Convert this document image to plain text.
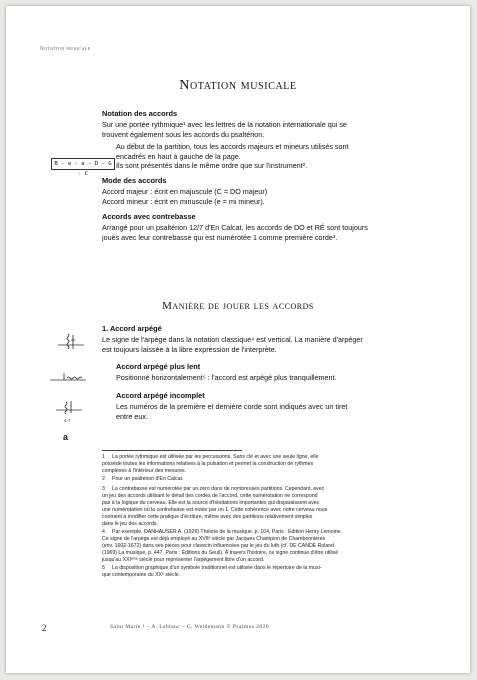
Notation musicale
Notation musicale
Notation des accords
Sur une portée rythmique¹ avec les lettres de la notation internationale qui se
trouvent également sous les accords du psaltérion.
B - e - a - D - G - C
Au début de la partition, tous les accords majeurs et mineurs utilisés sont
encadrés en haut à gauche de la page.
Ils sont présentés dans le même ordre que sur l'instrument².
Mode des accords
Accord majeur : écrit en majuscule (C = DO majeur)
Accord mineur : écrit en minuscule (e = mi mineur).
Accords avec contrebasse
Arrangé pour un psaltérion 12/7 d'En Calcat, les accords de DO et RÉ sont toujours
joués avec leur contrebasse qui est numérotée 1 comme première corde³.
Manière de jouer les accords
1. Accord arpégé
Le signe de l'arpège dans la notation classique⁴ est vertical. La manière d'arpéger
est toujours laissée à la libre expression de l'interprète.
Accord arpégé plus lent
Positionné horizontalement⁵ : l'accord est arpégé plus tranquillement.
Accord arpégé incomplet
4-7
a
Les numéros de la première et dernière corde sont indiqués avec un tiret
entre eux.
1 La portée rythmique est utilisée par les percussions. Sans clé et avec une seule ligne, elle
possède toutes les informations relatives à la pulsation et permet la construction de rythmes
complexes à l'intérieur des mesures.
2 Pour un psaltérion d'En Calcat.
3 La contrebasse est numérotée par un zéro dans de nombreuses partitions. Cependant, avec
un jeu des accords utilisant le détail des cordes de l'accord, cette numérotation ne correspond
pas à la logique du cerveau. Elle est la source d'hésitations importantes qui disparaissent avec
une numérotation où la contrebasse est notée par un 1. Cette cohérence avec notre cerveau nous
contraint à modifier cette pratique d'écriture, même avec des partitions relativement simples
dans le jeu des accords.
4 Par exemple, DANHAUSER A. (1929) Théorie de la musique, p. 104, Paris : Édition Henry Lemoine.
Ce signe de l'arpège est déjà employé au XVIIᵉ siècle par Jacques Champion de Chambonnières
(env. 1602-1672) dans ses pièces pour clavecin influencées par le jeu du luth (cf. DE CANDÉ Roland
(1969) La musique, p. 447, Paris : Éditions du Seuil). À travers l'histoire, ce signe continue d'être utilisé
jusqu'au XXIᵉᵐᵉ siècle pour représenter l'arpègement libre d'un accord.
5 La disposition graphique d'un symbole traditionnel est utilisée dans le répertoire de la musi-
que contemporaine du XXᵉ siècle.
2	Salut Marie ! – A. Leblanc – C. Weidemann © Psalmos 2020
